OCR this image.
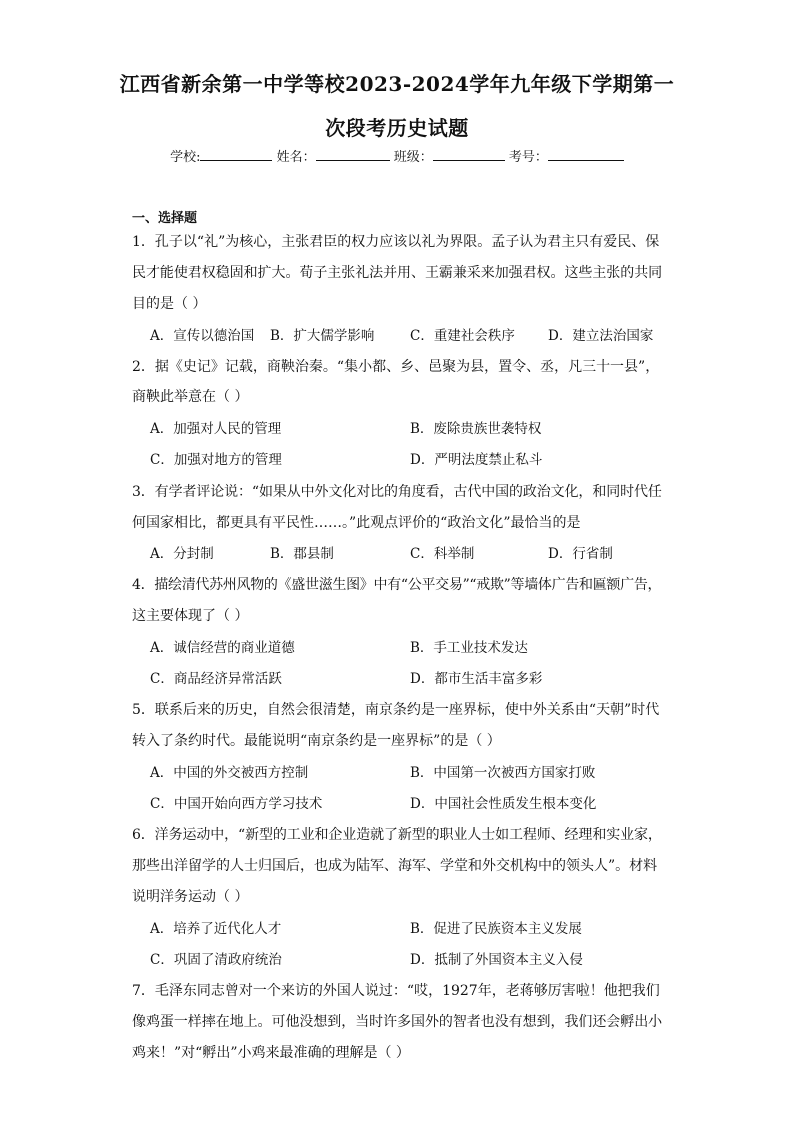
江西省新余第一中学等校2023-2024学年九年级下学期第一
次段考历史试题
学校:	姓名：	班级：	考号：
一、选择题
1．孔子以“礼”为核心，主张君臣的权力应该以礼为界限。孟子认为君主只有爱民、保
民才能使君权稳固和扩大。荀子主张礼法并用、王霸兼采来加强君权。这些主张的共同
目的是（ ）
A．宣传以德治国 B．扩大儒学影响	C．重建社会秩序 D．建立法治国家
2．据《史记》记载，商鞅治秦。“集小都、乡、邑聚为县，置令、丞，凡三十一县”，
商鞅此举意在（ ）
A．加强对人民的管理	B．废除贵族世袭特权
C．加强对地方的管理	D．严明法度禁止私斗
3．有学者评论说：“如果从中外文化对比的角度看，古代中国的政治文化，和同时代任
何国家相比，都更具有平民性……。”此观点评价的“政治文化”最恰当的是
A．分封制	B．郡县制	C．科举制	D．行省制
4．描绘清代苏州风物的《盛世滋生图》中有“公平交易”“戒欺”等墙体广告和匾额广告，
这主要体现了（ ）
A．诚信经营的商业道德	B．手工业技术发达
C．商品经济异常活跃	D．都市生活丰富多彩
5．联系后来的历史，自然会很清楚，南京条约是一座界标，使中外关系由“天朝”时代
转入了条约时代。最能说明“南京条约是一座界标”的是（ ）
A．中国的外交被西方控制	B．中国第一次被西方国家打败
C．中国开始向西方学习技术	D．中国社会性质发生根本变化
6．洋务运动中，“新型的工业和企业造就了新型的职业人士如工程师、经理和实业家，
那些出洋留学的人士归国后，也成为陆军、海军、学堂和外交机构中的领头人”。材料
说明洋务运动（ ）
A．培养了近代化人才	B．促进了民族资本主义发展
C．巩固了清政府统治	D．抵制了外国资本主义入侵
7．毛泽东同志曾对一个来访的外国人说过：“哎，1927年，老蒋够厉害啦！他把我们
像鸡蛋一样摔在地上。可他没想到，当时许多国外的智者也没有想到，我们还会孵出小
鸡来！”对“孵出”小鸡来最准确的理解是（ ）
